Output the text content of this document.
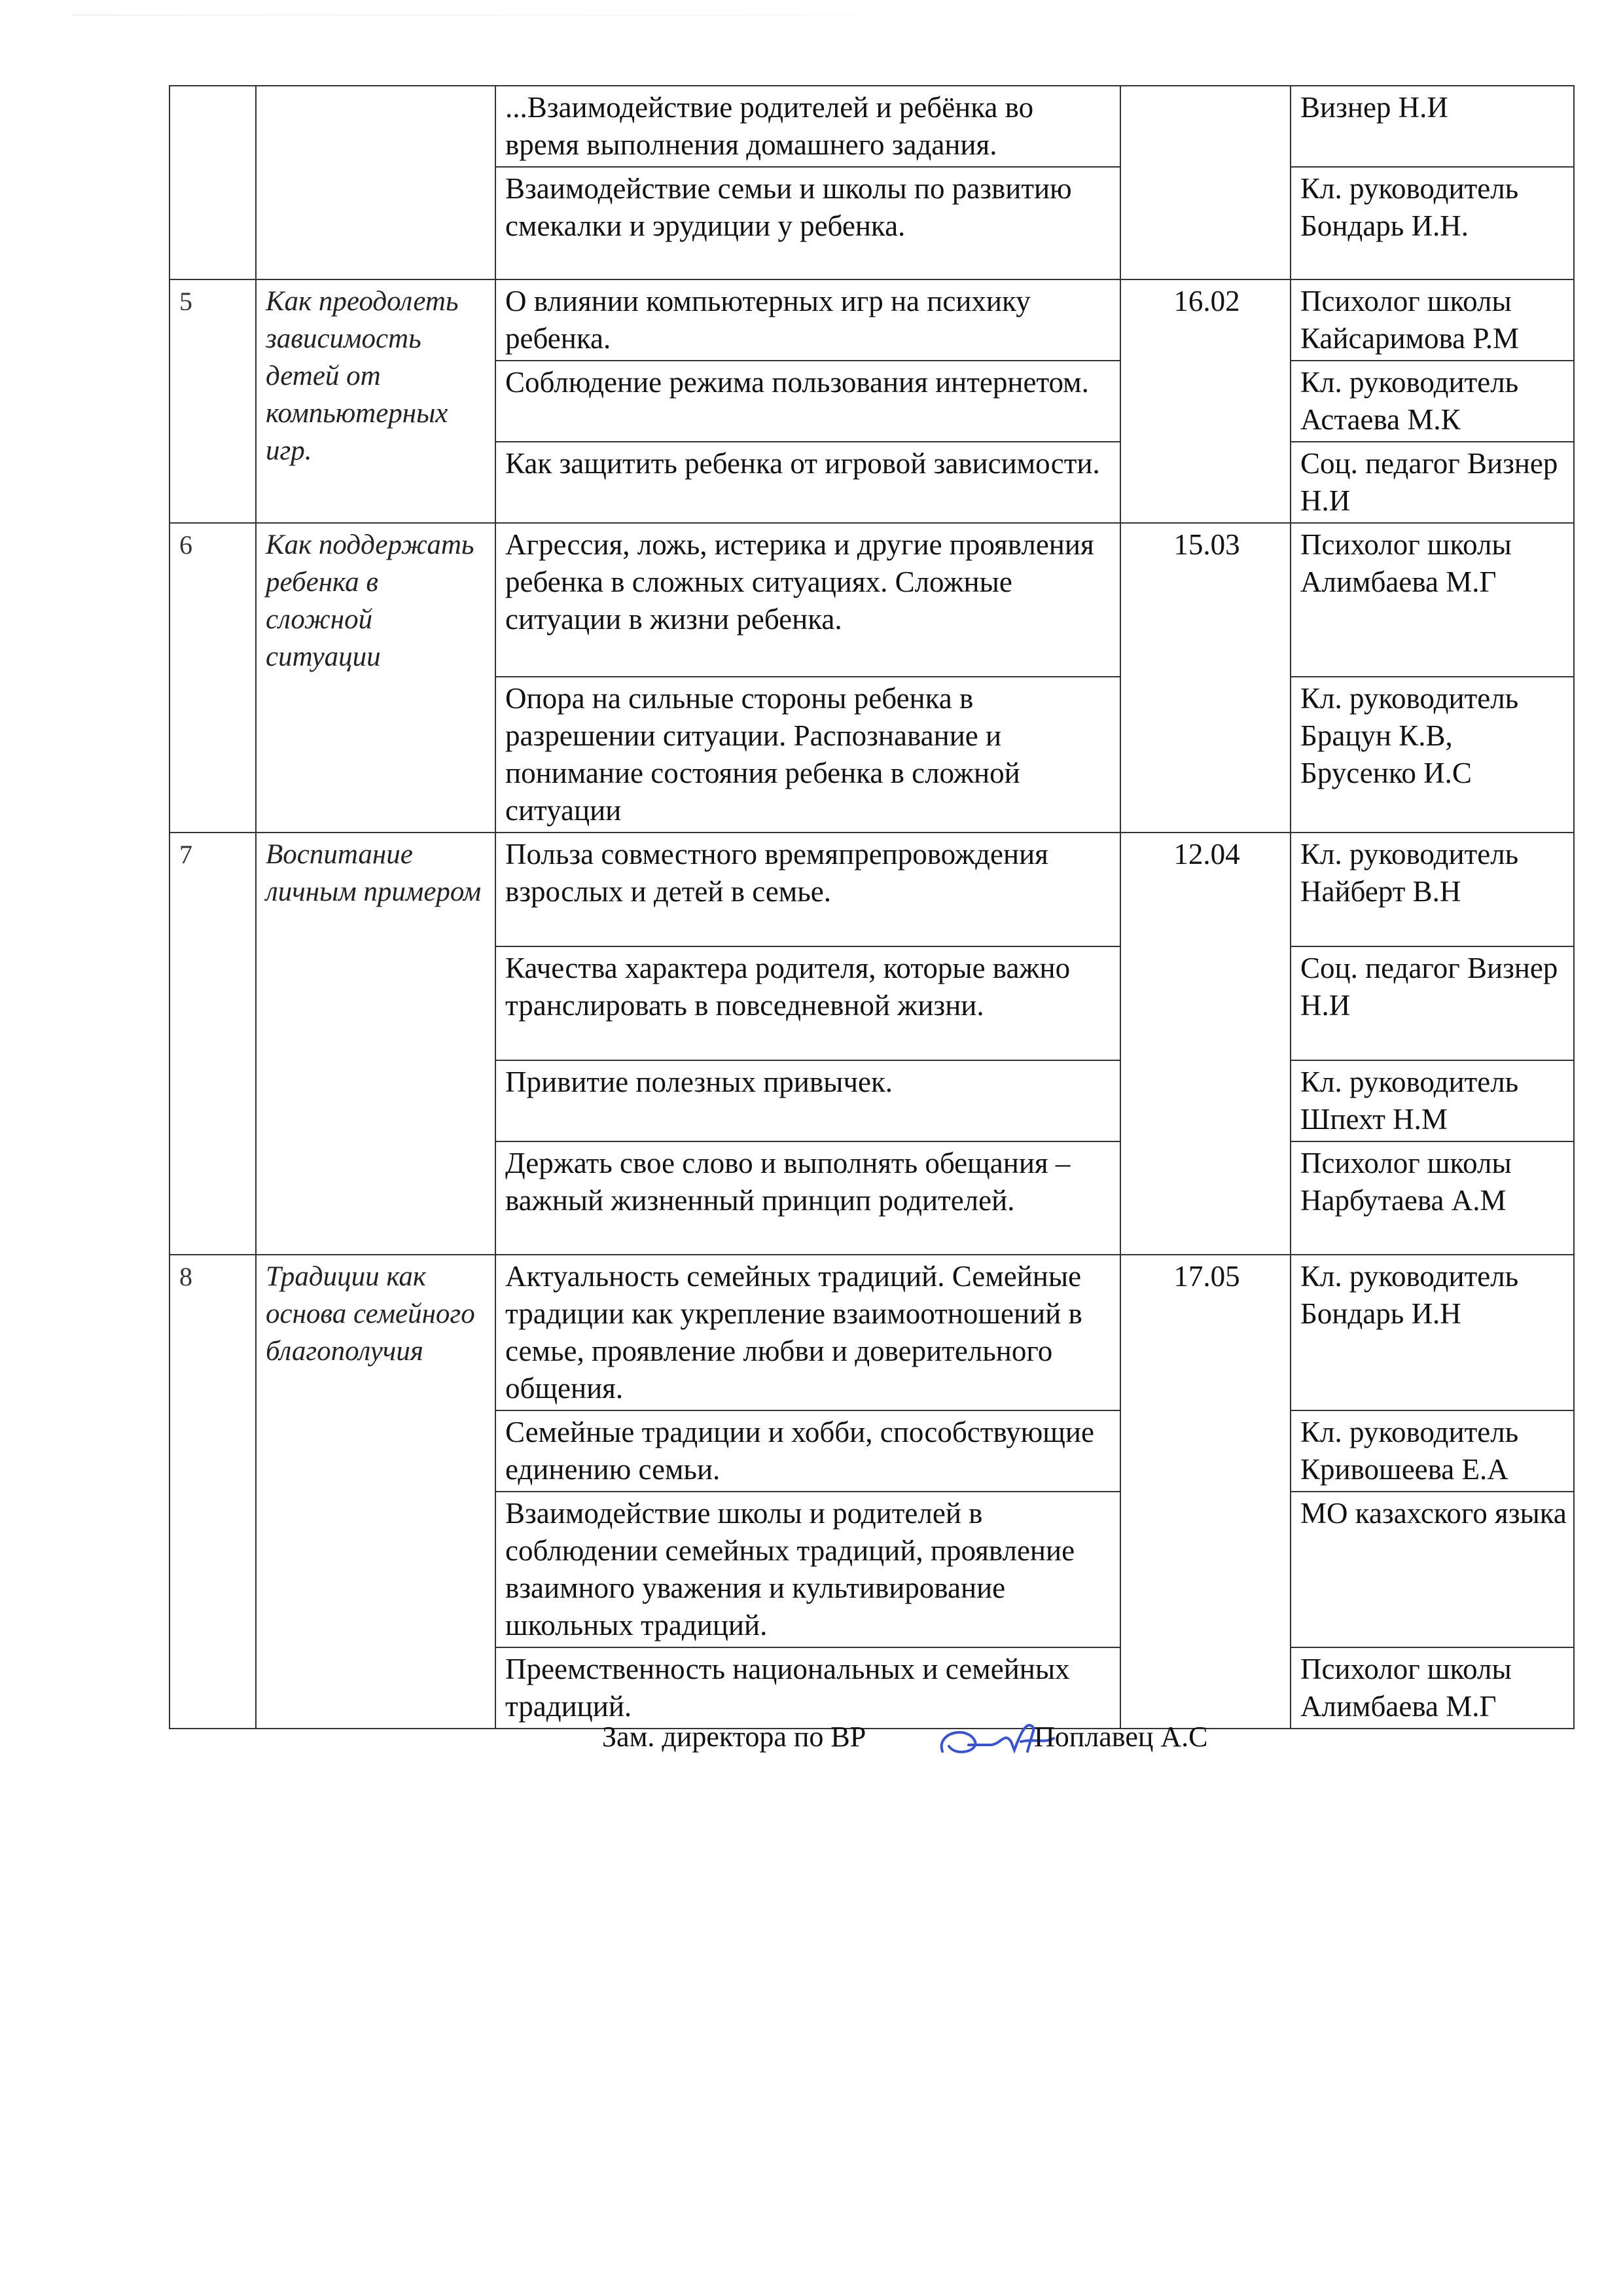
		...Взаимодействие родителей и ребёнка во время выполнения домашнего задания.		Визнер Н.И
		Взаимодействие семьи и школы по развитию смекалки и эрудиции у ребенка.		Кл. руководитель Бондарь И.Н.
5	Как преодолеть зависимость детей от компьютерных игр.	О влиянии компьютерных игр на психику ребенка.	16.02	Психолог школы Кайсаримова Р.М
		Соблюдение режима пользования интернетом.		Кл. руководитель Астаева М.К
		Как защитить ребенка от игровой зависимости.		Соц. педагог Визнер Н.И
6	Как поддержать ребенка в сложной ситуации	Агрессия, ложь, истерика и другие проявления ребенка в сложных ситуациях. Сложные ситуации в жизни ребенка.	15.03	Психолог школы Алимбаева М.Г
		Опора на сильные стороны ребенка в разрешении ситуации. Распознавание и понимание состояния ребенка в сложной ситуации		Кл. руководитель Брацун К.В, Брусенко И.С
7	Воспитание личным примером	Польза совместного времяпрепровождения взрослых и детей в семье.	12.04	Кл. руководитель Найберт В.Н
		Качества характера родителя, которые важно транслировать в повседневной жизни.		Соц. педагог Визнер Н.И
		Привитие полезных привычек.		Кл. руководитель Шпехт Н.М
		Держать свое слово и выполнять обещания – важный жизненный принцип родителей.		Психолог школы Нарбутаева А.М
8	Традиции как основа семейного благополучия	Актуальность семейных традиций. Семейные традиции как укрепление взаимоотношений в семье, проявление любви и доверительного общения.	17.05	Кл. руководитель Бондарь И.Н
		Семейные традиции и хобби, способствующие единению семьи.		Кл. руководитель Кривошеева Е.А
		Взаимодействие школы и родителей в соблюдении семейных традиций, проявление взаимного уважения и культивирование школьных традиций.		МО казахского языка
		Преемственность национальных и семейных традиций.		Психолог школы Алимбаева М.Г
Зам. директора по ВР	Поплавец А.С
